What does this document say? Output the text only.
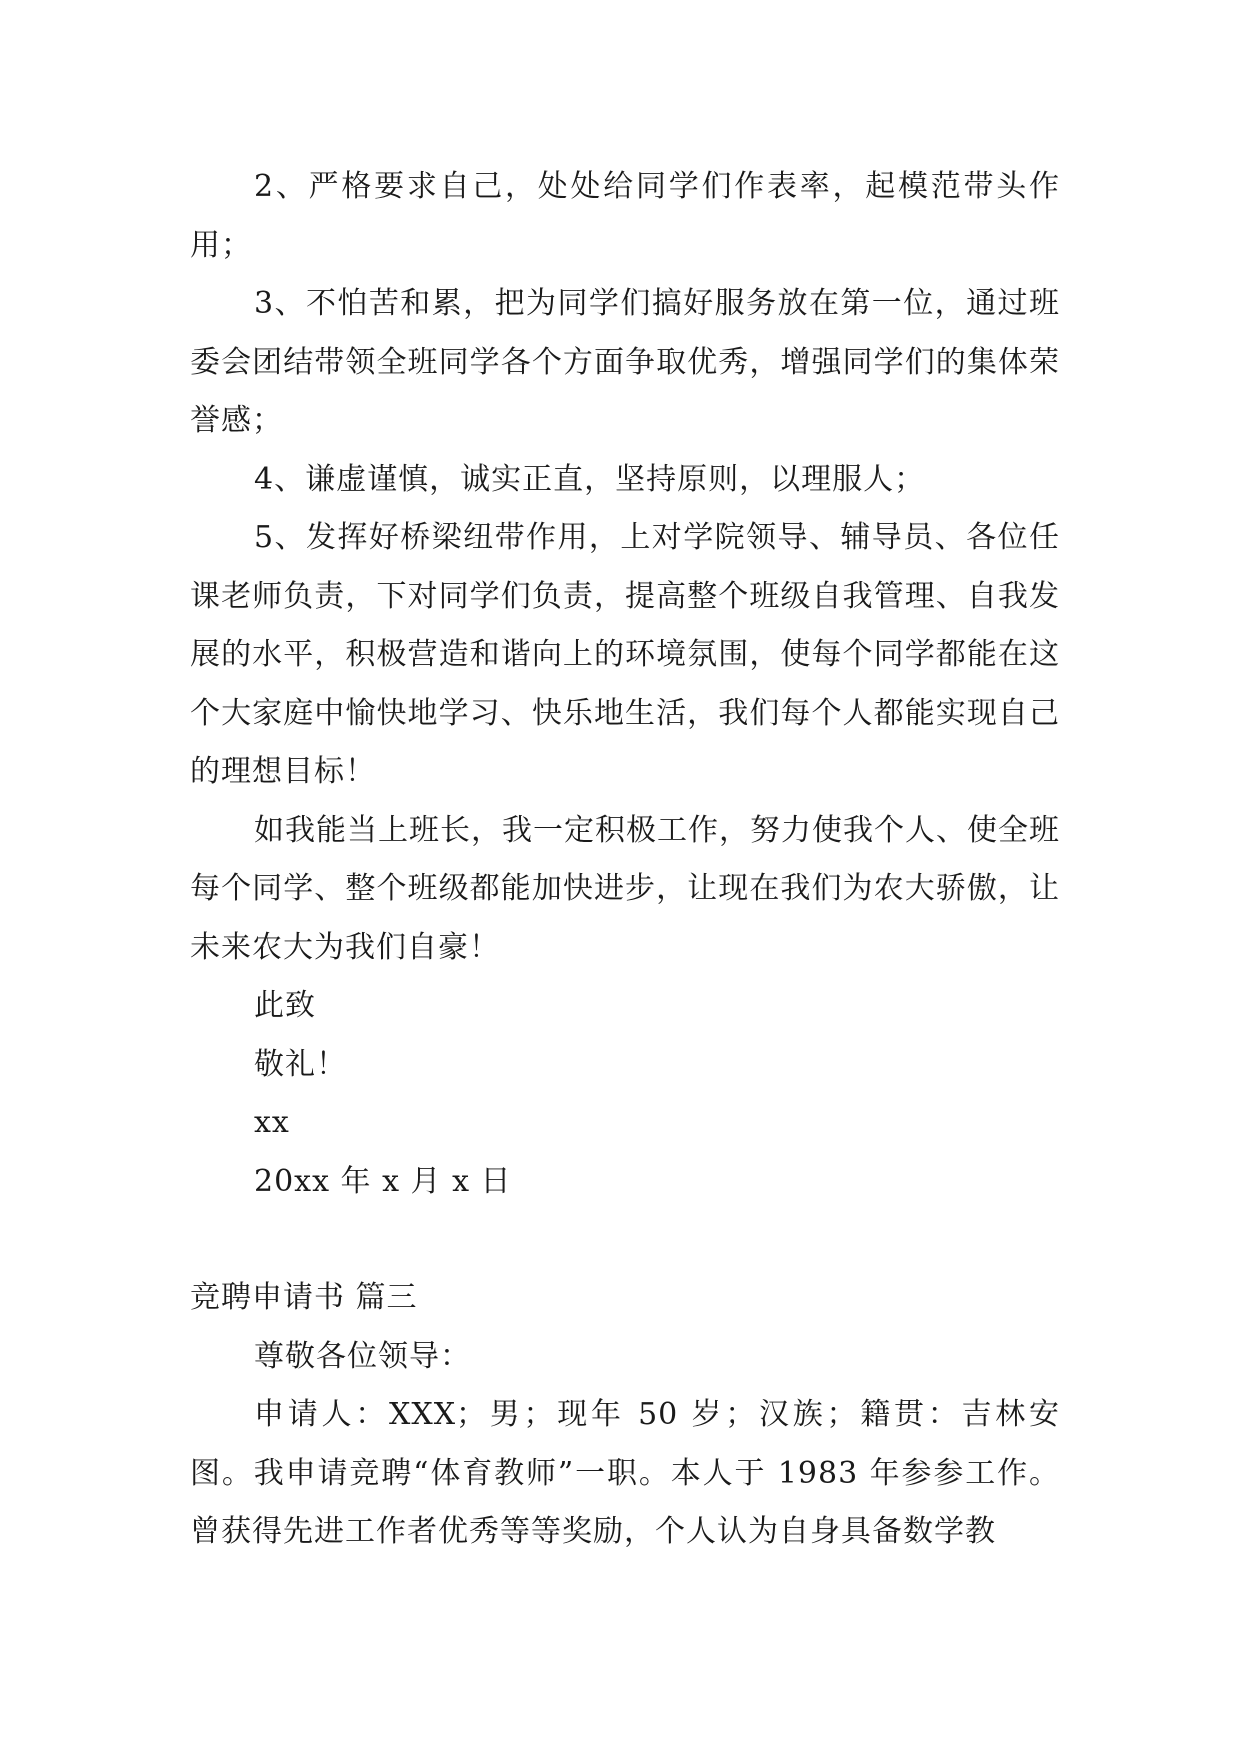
2、严格要求自己，处处给同学们作表率，起模范带头作用；

3、不怕苦和累，把为同学们搞好服务放在第一位，通过班委会团结带领全班同学各个方面争取优秀，增强同学们的集体荣誉感；

4、谦虚谨慎，诚实正直，坚持原则，以理服人；

5、发挥好桥梁纽带作用，上对学院领导、辅导员、各位任课老师负责，下对同学们负责，提高整个班级自我管理、自我发展的水平，积极营造和谐向上的环境氛围，使每个同学都能在这个大家庭中愉快地学习、快乐地生活，我们每个人都能实现自己的理想目标！

如我能当上班长，我一定积极工作，努力使我个人、使全班每个同学、整个班级都能加快进步，让现在我们为农大骄傲，让未来农大为我们自豪！

此致

敬礼！

xx

20xx 年 x 月 x 日

竞聘申请书 篇三

尊敬各位领导：

申请人：XXX；男；现年 50 岁；汉族；籍贯：吉林安图。我申请竞聘“体育教师”一职。本人于 1983 年参参工作。曾获得先进工作者优秀等等奖励，个人认为自身具备数学教
